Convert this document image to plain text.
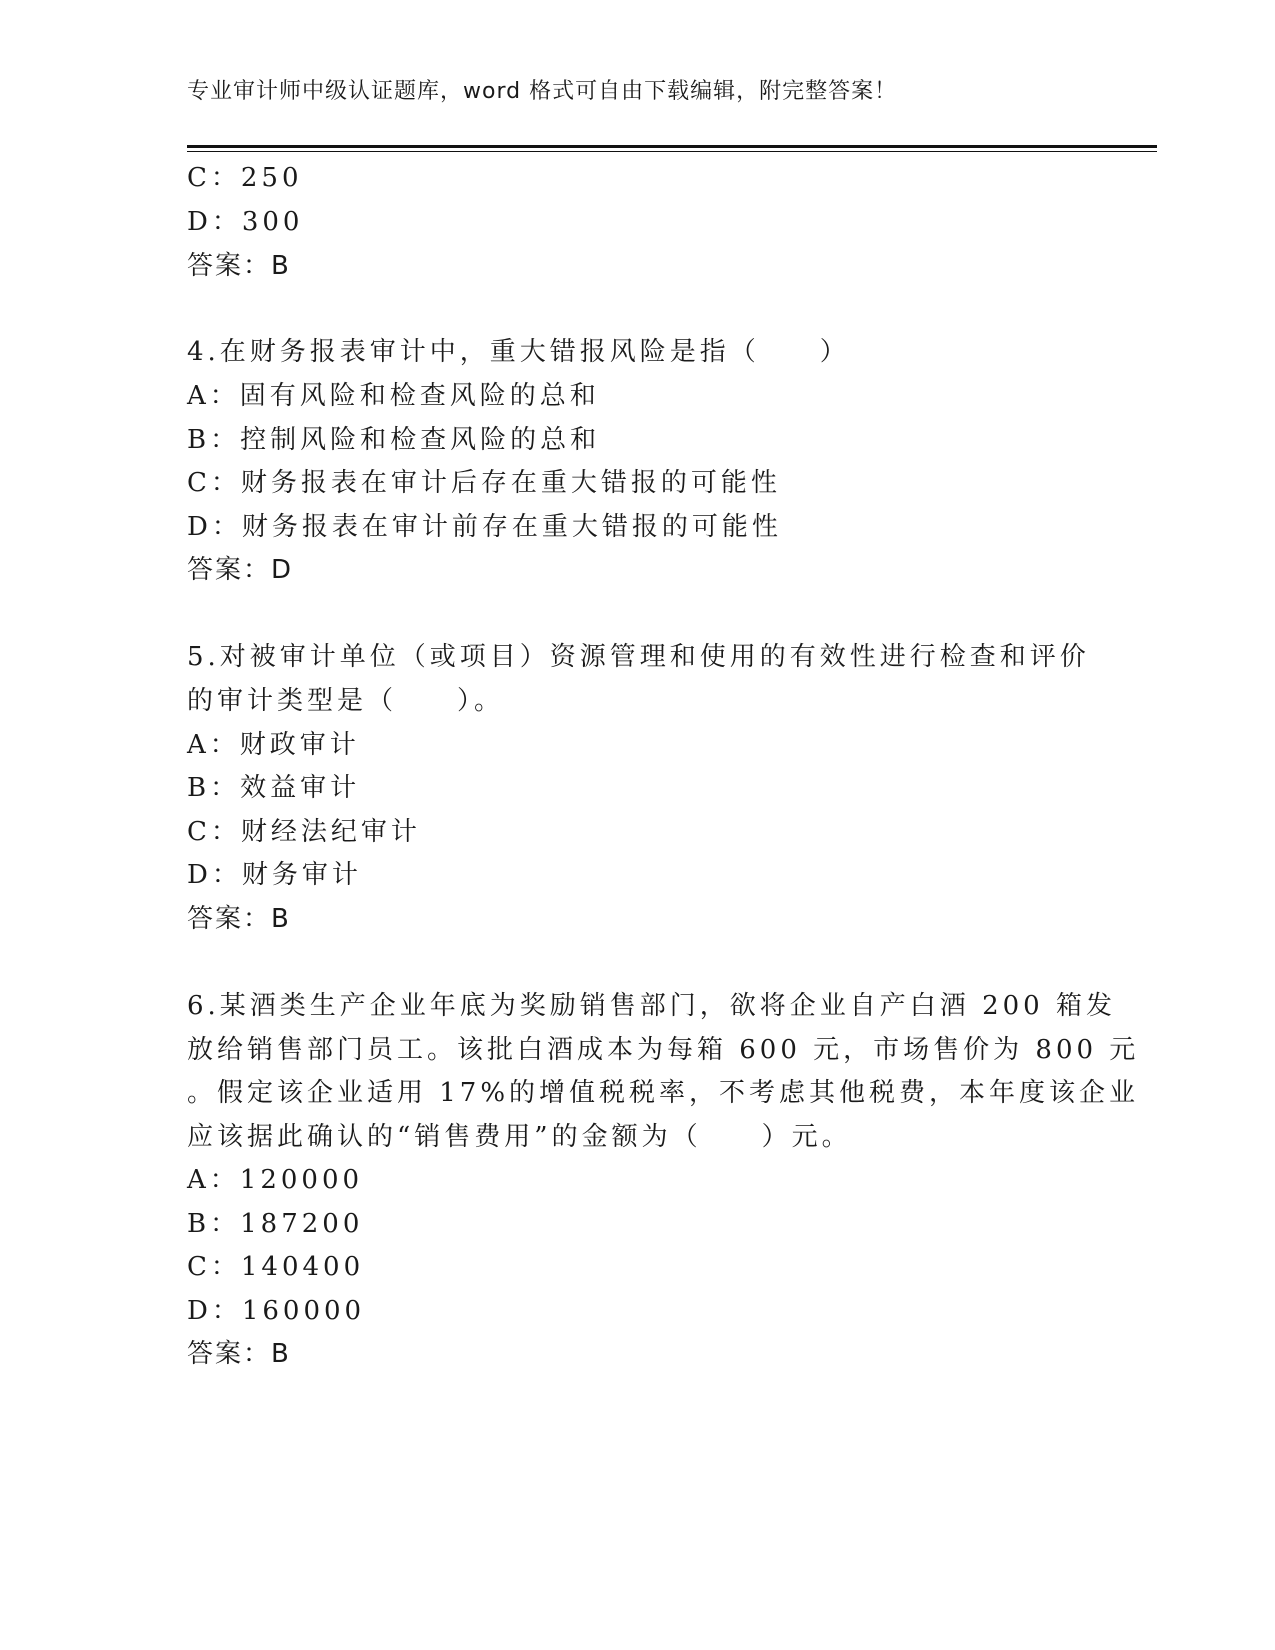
专业审计师中级认证题库，word 格式可自由下载编辑，附完整答案！
C：250
D：300
答案：B
4.在财务报表审计中，重大错报风险是指（　　）
A：固有风险和检查风险的总和
B：控制风险和检查风险的总和
C：财务报表在审计后存在重大错报的可能性
D：财务报表在审计前存在重大错报的可能性
答案：D
5.对被审计单位（或项目）资源管理和使用的有效性进行检查和评价
的审计类型是（　　）。
A：财政审计
B：效益审计
C：财经法纪审计
D：财务审计
答案：B
6.某酒类生产企业年底为奖励销售部门，欲将企业自产白酒 200 箱发
放给销售部门员工。该批白酒成本为每箱 600 元，市场售价为 800 元
。假定该企业适用 17%的增值税税率，不考虑其他税费，本年度该企业
应该据此确认的“销售费用”的金额为（　　）元。
A：120000
B：187200
C：140400
D：160000
答案：B
